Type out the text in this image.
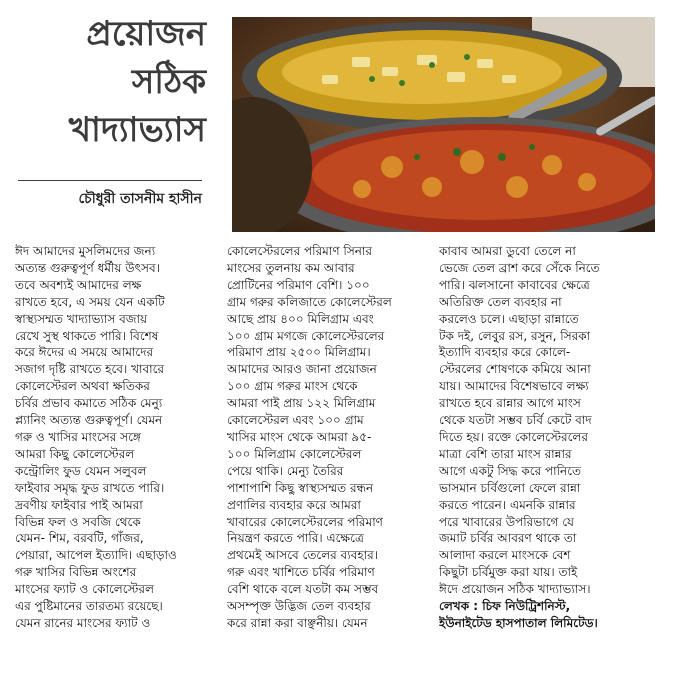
প্রয়োজন
সঠিক
খাদ্যাভ্যাস
চৌধুরী তাসনীম হাসীন
ঈদ আমাদের মুসলিমদের জন্য
অত্যন্ত গুরুত্বপূর্ণ ধর্মীয় উৎসব।
তবে অবশ্যই আমাদের লক্ষ
রাখতে হবে, এ সময় যেন একটি
স্বাস্থ্যসম্মত খাদ্যাভ্যাস বজায়
রেখে সুস্থ থাকতে পারি। বিশেষ
করে ঈদের এ সময়ে আমাদের
সজাগ দৃষ্টি রাখতে হবে। খাবারে
কোলেস্টেরল অথবা ক্ষতিকর
চর্বির প্রভাব কমাতে সঠিক মেন্যু
প্ল্যানিং অত্যন্ত গুরুত্বপূর্ণ। যেমন
গরু ও খাসির মাংসের সঙ্গে
আমরা কিছু কোলেস্টেরল
কন্ট্রোলিং ফুড যেমন সলুবল
ফাইবার সমৃদ্ধ ফুড রাখতে পারি।
দ্রবণীয় ফাইবার পাই আমরা
বিভিন্ন ফল ও সবজি থেকে
যেমন- শিম, বরবটি, গাঁজর,
পেয়ারা, আপেল ইত্যাদি। এছাড়াও
গরু খাসির বিভিন্ন অংশের
মাংসের ফ্যাট ও কোলেস্টেরল
এর পুষ্টিমানের তারতম্য রয়েছে।
যেমন রানের মাংসের ফ্যাট ও
কোলেস্টেরলের পরিমাণ সিনার
মাংসের তুলনায় কম আবার
প্রোটিনের পরিমাণ বেশি। ১০০
গ্রাম গরুর কলিজাতে কোলেস্টেরল
আছে প্রায় ৪০০ মিলিগ্রাম এবং
১০০ গ্রাম মগজে কোলেস্টেরলের
পরিমাণ প্রায় ২৫০০ মিলিগ্রাম।
আমাদের আরও জানা প্রয়োজন
১০০ গ্রাম গরুর মাংস থেকে
আমরা পাই প্রায় ১২২ মিলিগ্রাম
কোলেস্টেরল এবং ১০০ গ্রাম
খাসির মাংস থেকে আমরা ৯৫-
১০০ মিলিগ্রাম কোলেস্টেরল
পেয়ে থাকি। মেন্যু তৈরির
পাশাপাশি কিছু স্বাস্থ্যসম্মত রন্ধন
প্রণালির ব্যবহার করে আমরা
খাবারের কোলেস্টেরলের পরিমাণ
নিয়ন্ত্রণ করতে পারি। এক্ষেত্রে
প্রথমেই আসবে তেলের ব্যবহার।
গরু এবং খাশিতে চর্বির পরিমাণ
বেশি থাকে বলে যতটা কম সম্ভব
অসম্পৃক্ত উদ্ভিজ তেল ব্যবহার
করে রান্না করা বাঞ্ছনীয়। যেমন
কাবাব আমরা ডুবো তেলে না
ভেজে তেল ব্রাশ করে সেঁকে নিতে
পারি। ঝলসানো কাবাবের ক্ষেত্রে
অতিরিক্ত তেল ব্যবহার না
করলেও চলে। এছাড়া রান্নাতে
টক দই, লেবুর রস, রসুন, সিরকা
ইত্যাদি ব্যবহার করে কোলে-
স্টেরলের শোষণকে কমিয়ে আনা
যায়। আমাদের বিশেষভাবে লক্ষ্য
রাখতে হবে রান্নার আগে মাংস
থেকে যতটা সম্ভব চর্বি কেটে বাদ
দিতে হয়। রক্তে কোলেস্টেরলের
মাত্রা বেশি তারা মাংস রান্নার
আগে একটু সিদ্ধ করে পানিতে
ভাসমান চর্বিগুলো ফেলে রান্না
করতে পারেন। এমনকি রান্নার
পরে খাবারের উপরিভাগে যে
জমাট চর্বির আবরণ থাকে তা
আলাদা করলে মাংসকে বেশ
কিছুটা চর্বিমুক্ত করা যায়। তাই
ঈদে প্রয়োজন সঠিক খাদ্যাভ্যাস।
লেখক : চিফ নিউট্রিশনিস্ট,
ইউনাইটেড হাসপাতাল লিমিটেড।
